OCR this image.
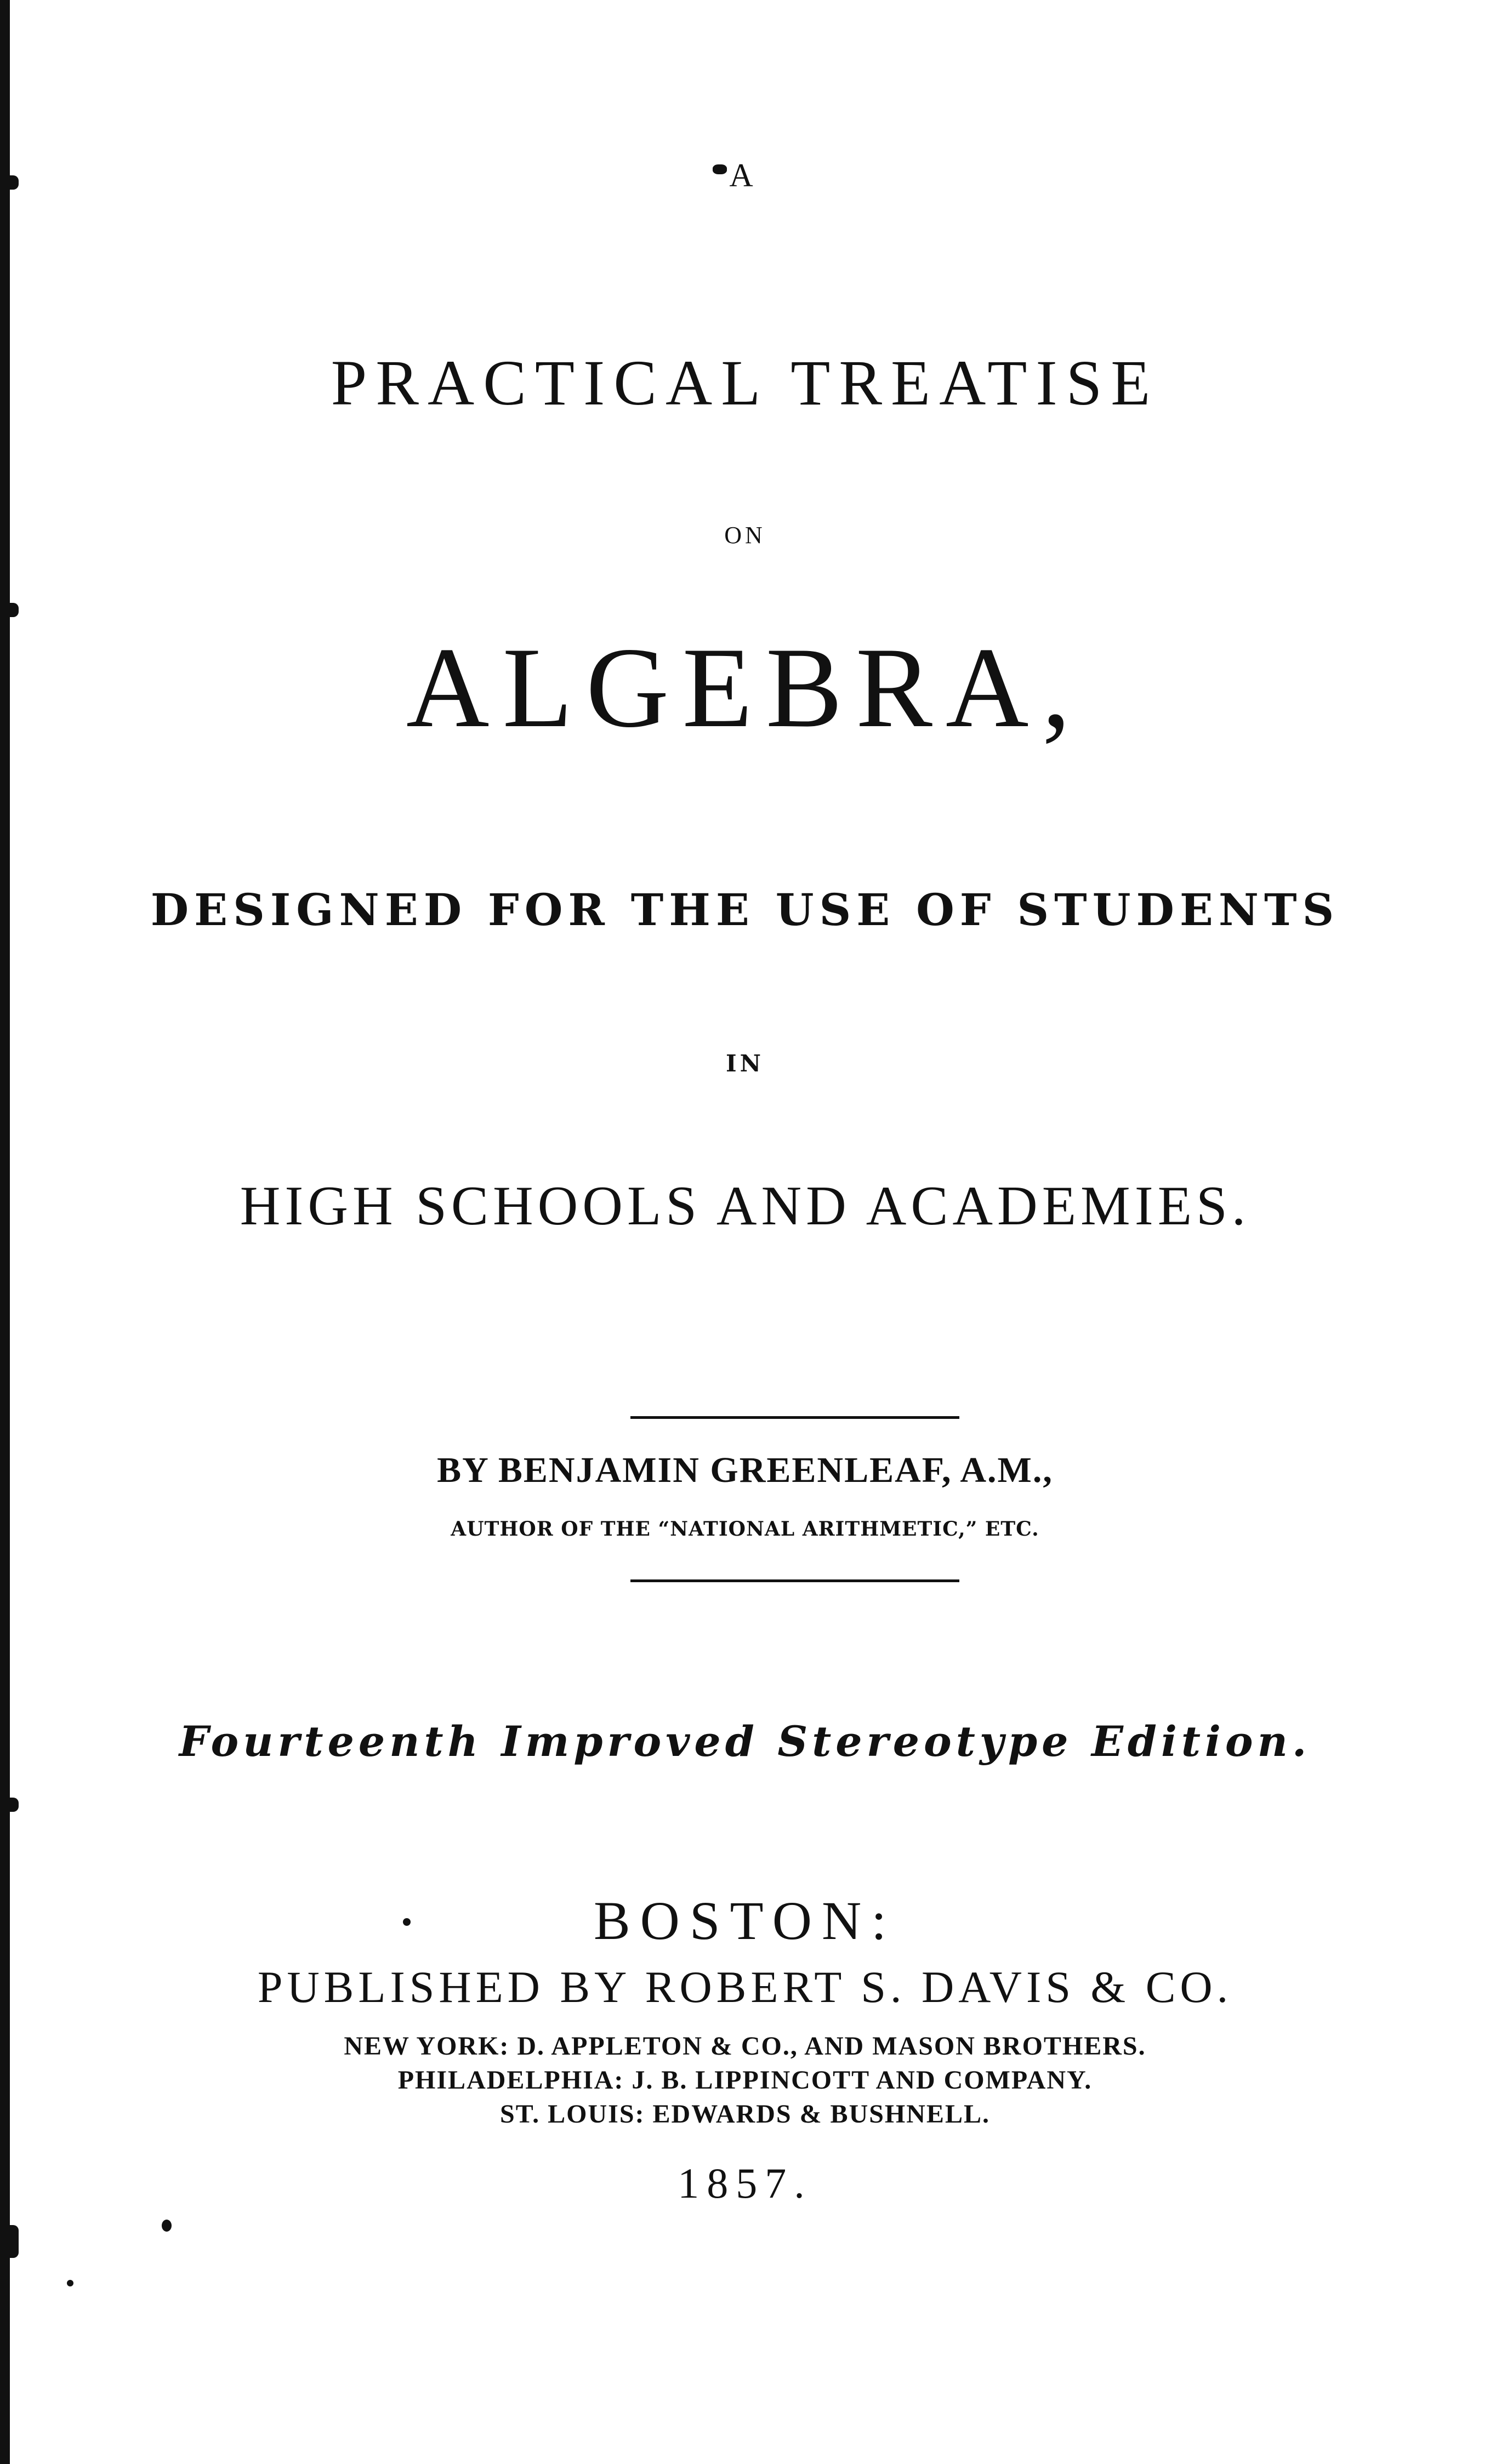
A
PRACTICAL TREATISE
ON
ALGEBRA,
DESIGNED FOR THE USE OF STUDENTS
IN
HIGH SCHOOLS AND ACADEMIES.
BY BENJAMIN GREENLEAF, A.M.,
AUTHOR OF THE “NATIONAL ARITHMETIC,” ETC.
Fourteenth Improved Stereotype Edition.
BOSTON:
PUBLISHED BY ROBERT S. DAVIS & CO.
NEW YORK: D. APPLETON & CO., AND MASON BROTHERS.
PHILADELPHIA: J. B. LIPPINCOTT AND COMPANY.
ST. LOUIS: EDWARDS & BUSHNELL.
1857.
